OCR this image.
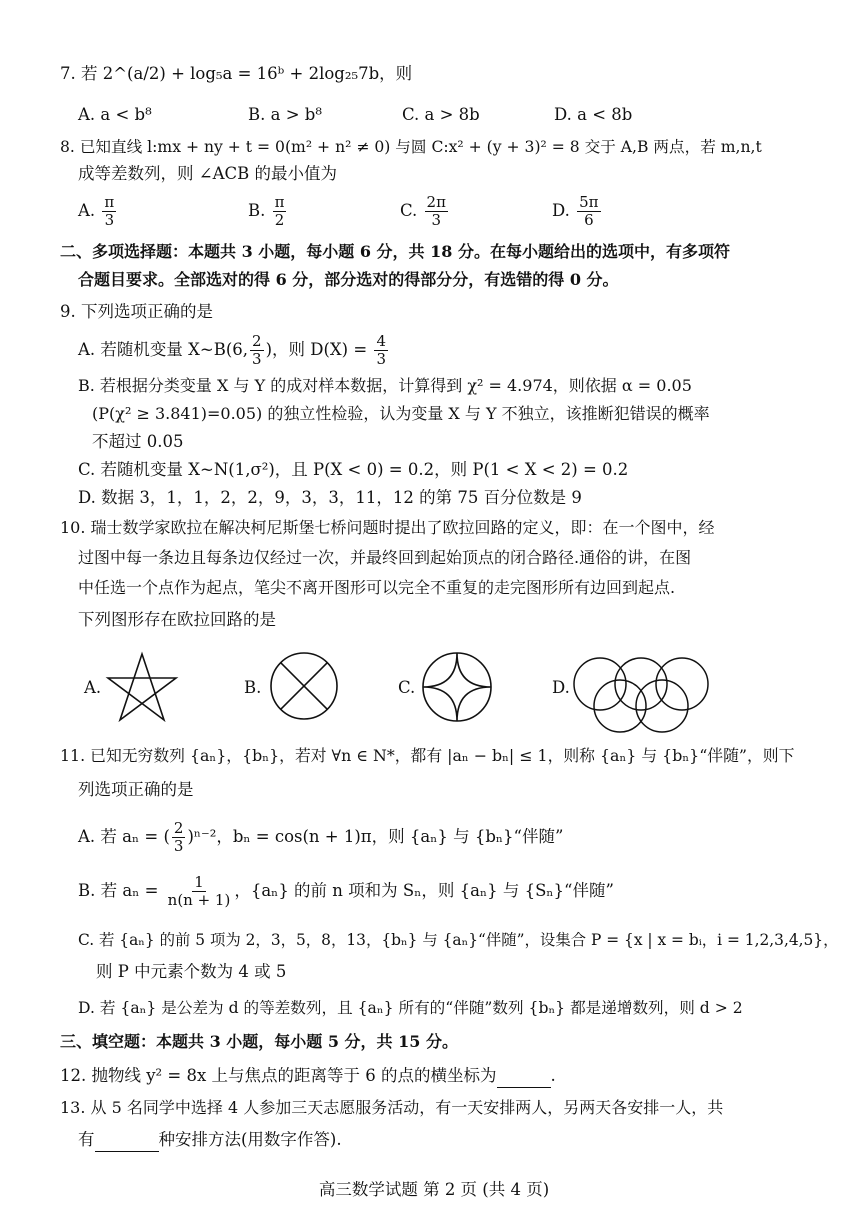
7. 若 2^(a/2) + log₅a = 16ᵇ + 2log₂₅7b，则
A. a < b⁸	B. a > b⁸	C. a > 8b	D. a < 8b
8. 已知直线 l:mx + ny + t = 0(m² + n² ≠ 0) 与圆 C:x² + (y + 3)² = 8 交于 A,B 两点，若 m,n,t
成等差数列，则 ∠ACB 的最小值为
A. $\frac{\pi}{3}$	B. $\frac{\pi}{2}$	C. $\frac{2\pi}{3}$	D. $\frac{5\pi}{6}$
二、多项选择题：本题共 3 小题，每小题 6 分，共 18 分。在每小题给出的选项中，有多项符
合题目要求。全部选对的得 6 分，部分选对的得部分分，有选错的得 0 分。
9. 下列选项正确的是
A. 若随机变量 X~B(6, $\frac{2}{3}$ )，则 $D(X) = \frac{4}{3}$
B. 若根据分类变量 X 与 Y 的成对样本数据，计算得到 χ² = 4.974，则依据 α = 0.05
(P(χ² ≥ 3.841)=0.05) 的独立性检验，认为变量 X 与 Y 不独立，该推断犯错误的概率
不超过 0.05
C. 若随机变量 X~N(1,σ²)，且 P(X < 0) = 0.2，则 P(1 < X < 2) = 0.2
D. 数据 3，1，1，2，2，9，3，3，11，12 的第 75 百分位数是 9
10. 瑞士数学家欧拉在解决柯尼斯堡七桥问题时提出了欧拉回路的定义，即：在一个图中，经
过图中每一条边且每条边仅经过一次，并最终回到起始顶点的闭合路径.通俗的讲，在图
中任选一个点作为起点，笔尖不离开图形可以完全不重复的走完图形所有边回到起点.
下列图形存在欧拉回路的是
A.	B.	C.	D.
11. 已知无穷数列 {aₙ}，{bₙ}，若对 ∀n ∈ N*，都有 |aₙ − bₙ| ≤ 1，则称 {aₙ} 与 {bₙ}“伴随”，则下
列选项正确的是
A. 若 aₙ = ( $\frac{2}{3} )^{n-2}$，bₙ = cos(n + 1)π，则 {aₙ} 与 {bₙ}“伴随”
B. 若 $a_n = \frac{1}{n(n + 1)}$ ，{aₙ} 的前 n 项和为 Sₙ，则 {aₙ} 与 {Sₙ}“伴随”
C. 若 {aₙ} 的前 5 项为 2，3，5，8，13，{bₙ} 与 {aₙ}“伴随”，设集合 P = {x | x = bᵢ，i = 1,2,3,4,5}，
则 P 中元素个数为 4 或 5
D. 若 {aₙ} 是公差为 d 的等差数列，且 {aₙ} 所有的“伴随”数列 {bₙ} 都是递增数列，则 d > 2
三、填空题：本题共 3 小题，每小题 5 分，共 15 分。
12. 抛物线 y² = 8x 上与焦点的距离等于 6 的点的横坐标为	.
13. 从 5 名同学中选择 4 人参加三天志愿服务活动，有一天安排两人，另两天各安排一人，共
有	种安排方法(用数字作答).
高三数学试题 第 2 页 (共 4 页)
